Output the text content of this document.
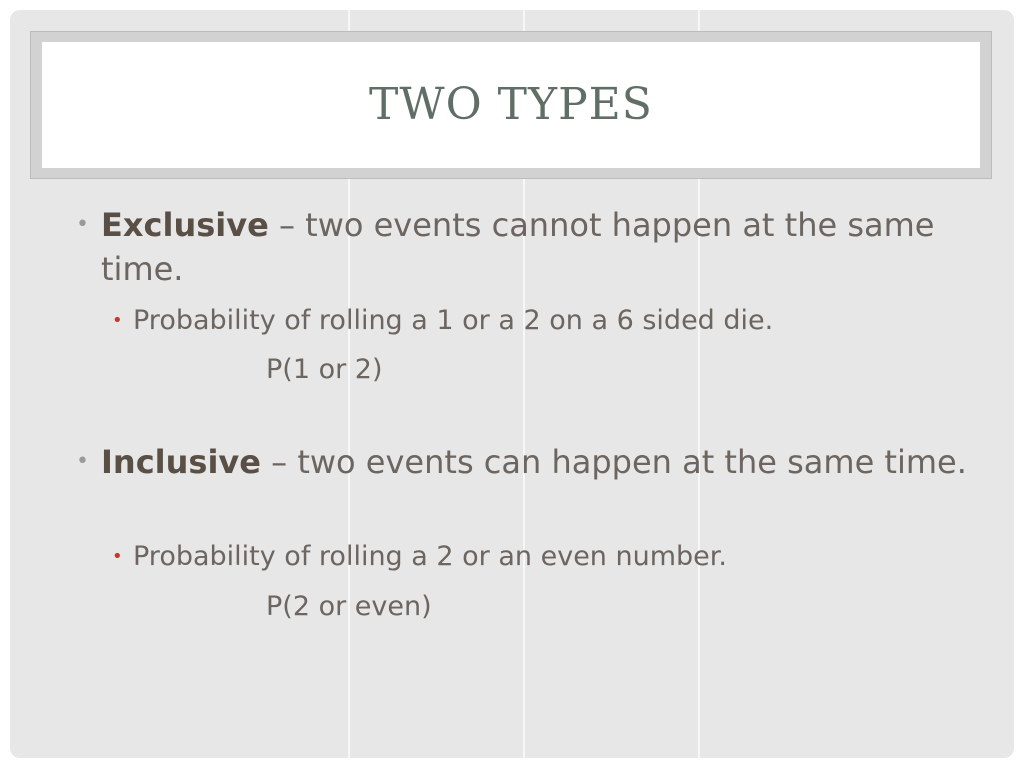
TWO TYPES
• Exclusive – two events cannot happen at the same time.
• Probability of rolling a 1 or a 2 on a 6 sided die.
P(1 or 2)
• Inclusive – two events can happen at the same time.
• Probability of rolling a 2 or an even number.
P(2 or even)
